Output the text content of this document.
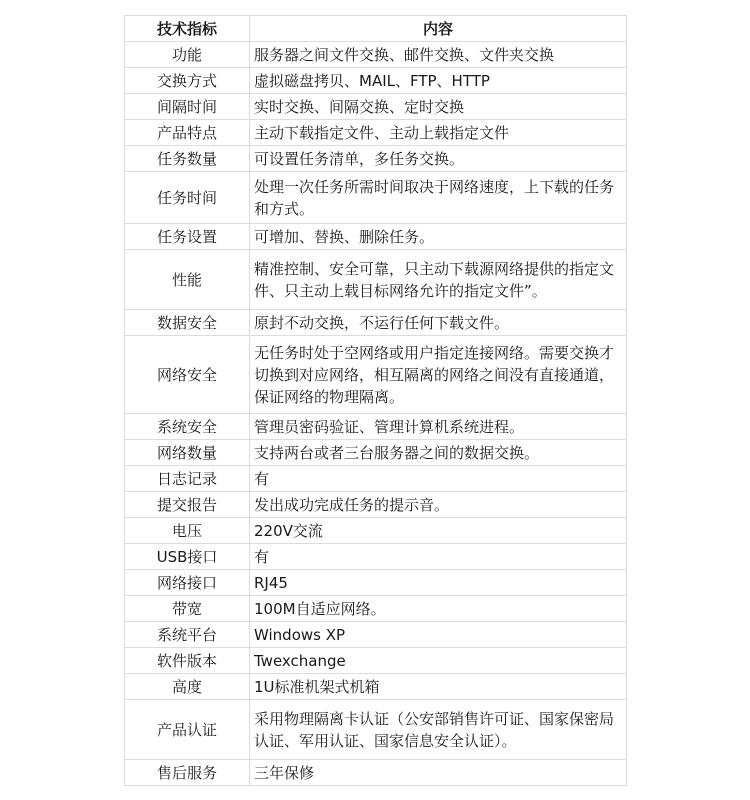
技术指标	内容
功能	服务器之间文件交换、邮件交换、文件夹交换
交换方式	虚拟磁盘拷贝、MAIL、FTP、HTTP
间隔时间	实时交换、间隔交换、定时交换
产品特点	主动下载指定文件、主动上载指定文件
任务数量	可设置任务清单，多任务交换。
任务时间	处理一次任务所需时间取决于网络速度，上下载的任务和方式。
任务设置	可增加、替换、删除任务。
性能	精准控制、安全可靠，只主动下载源网络提供的指定文件、只主动上载目标网络允许的指定文件”。
数据安全	原封不动交换，不运行任何下载文件。
网络安全	无任务时处于空网络或用户指定连接网络。需要交换才切换到对应网络，相互隔离的网络之间没有直接通道，保证网络的物理隔离。
系统安全	管理员密码验证、管理计算机系统进程。
网络数量	支持两台或者三台服务器之间的数据交换。
日志记录	有
提交报告	发出成功完成任务的提示音。
电压	220V交流
USB接口	有
网络接口	RJ45
带宽	100M自适应网络。
系统平台	Windows XP
软件版本	Twexchange
高度	1U标准机架式机箱
产品认证	采用物理隔离卡认证（公安部销售许可证、国家保密局认证、军用认证、国家信息安全认证）。
售后服务	三年保修
